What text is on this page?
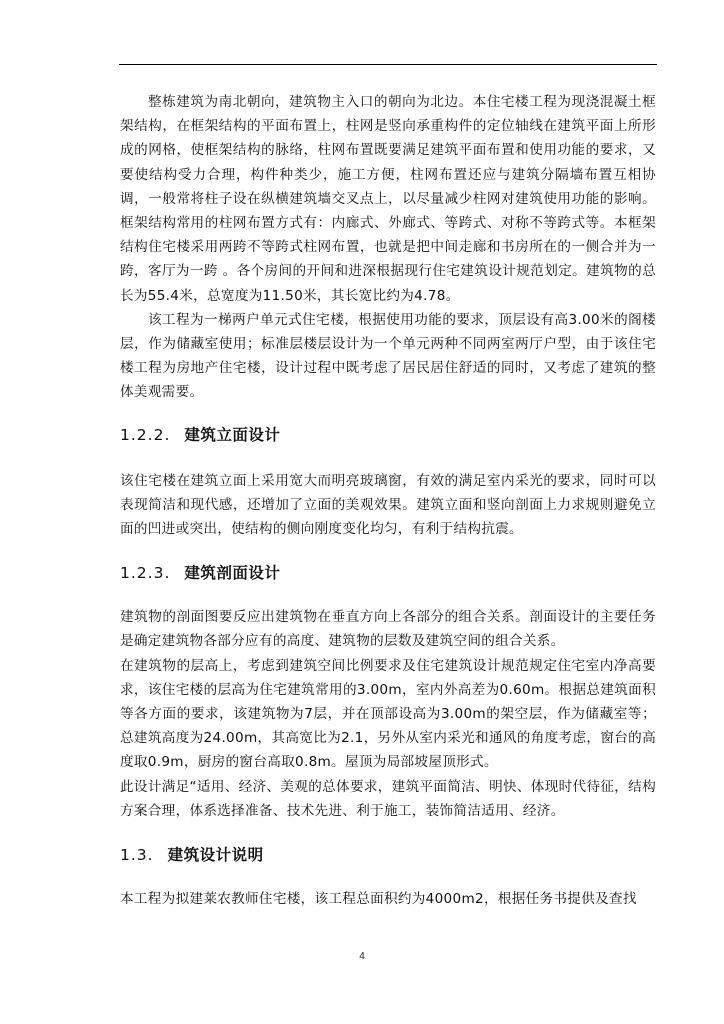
整栋建筑为南北朝向，建筑物主入口的朝向为北边。本住宅楼工程为现浇混凝土框架结构，在框架结构的平面布置上，柱网是竖向承重构件的定位轴线在建筑平面上所形成的网格，使框架结构的脉络，柱网布置既要满足建筑平面布置和使用功能的要求，又要使结构受力合理，构件种类少，施工方便，柱网布置还应与建筑分隔墙布置互相协调，一般常将柱子设在纵横建筑墙交叉点上，以尽量减少柱网对建筑使用功能的影响。框架结构常用的柱网布置方式有：内廊式、外廊式、等跨式、对称不等跨式等。本框架结构住宅楼采用两跨不等跨式柱网布置，也就是把中间走廊和书房所在的一侧合并为一跨，客厅为一跨 。各个房间的开间和进深根据现行住宅建筑设计规范划定。建筑物的总长为55.4米，总宽度为11.50米，其长宽比约为4.78。

该工程为一梯两户单元式住宅楼，根据使用功能的要求，顶层设有高3.00米的阁楼层，作为储藏室使用；标准层楼层设计为一个单元两种不同两室两厅户型，由于该住宅楼工程为房地产住宅楼，设计过程中既考虑了居民居住舒适的同时，又考虑了建筑的整体美观需要。

1.2.2. 建筑立面设计

该住宅楼在建筑立面上采用宽大而明亮玻璃窗，有效的满足室内采光的要求，同时可以表现简洁和现代感，还增加了立面的美观效果。建筑立面和竖向剖面上力求规则避免立面的凹进或突出，使结构的侧向刚度变化均匀，有利于结构抗震。

1.2.3. 建筑剖面设计

建筑物的剖面图要反应出建筑物在垂直方向上各部分的组合关系。剖面设计的主要任务是确定建筑物各部分应有的高度、建筑物的层数及建筑空间的组合关系。

在建筑物的层高上，考虑到建筑空间比例要求及住宅建筑设计规范规定住宅室内净高要求，该住宅楼的层高为住宅建筑常用的3.00m，室内外高差为0.60m。根据总建筑面积等各方面的要求，该建筑物为7层，并在顶部设高为3.00m的架空层，作为储藏室等；总建筑高度为24.00m，其高宽比为2.1，另外从室内采光和通风的角度考虑，窗台的高度取0.9m，厨房的窗台高取0.8m。屋顶为局部坡屋顶形式。

此设计满足“适用、经济、美观的总体要求，建筑平面简洁、明快、体现时代待征，结构方案合理，体系选择准备、技术先进、利于施工，装饰简洁适用、经济。

1.3. 建筑设计说明

本工程为拟建莱农教师住宅楼，该工程总面积约为4000m2，根据任务书提供及查找

4
